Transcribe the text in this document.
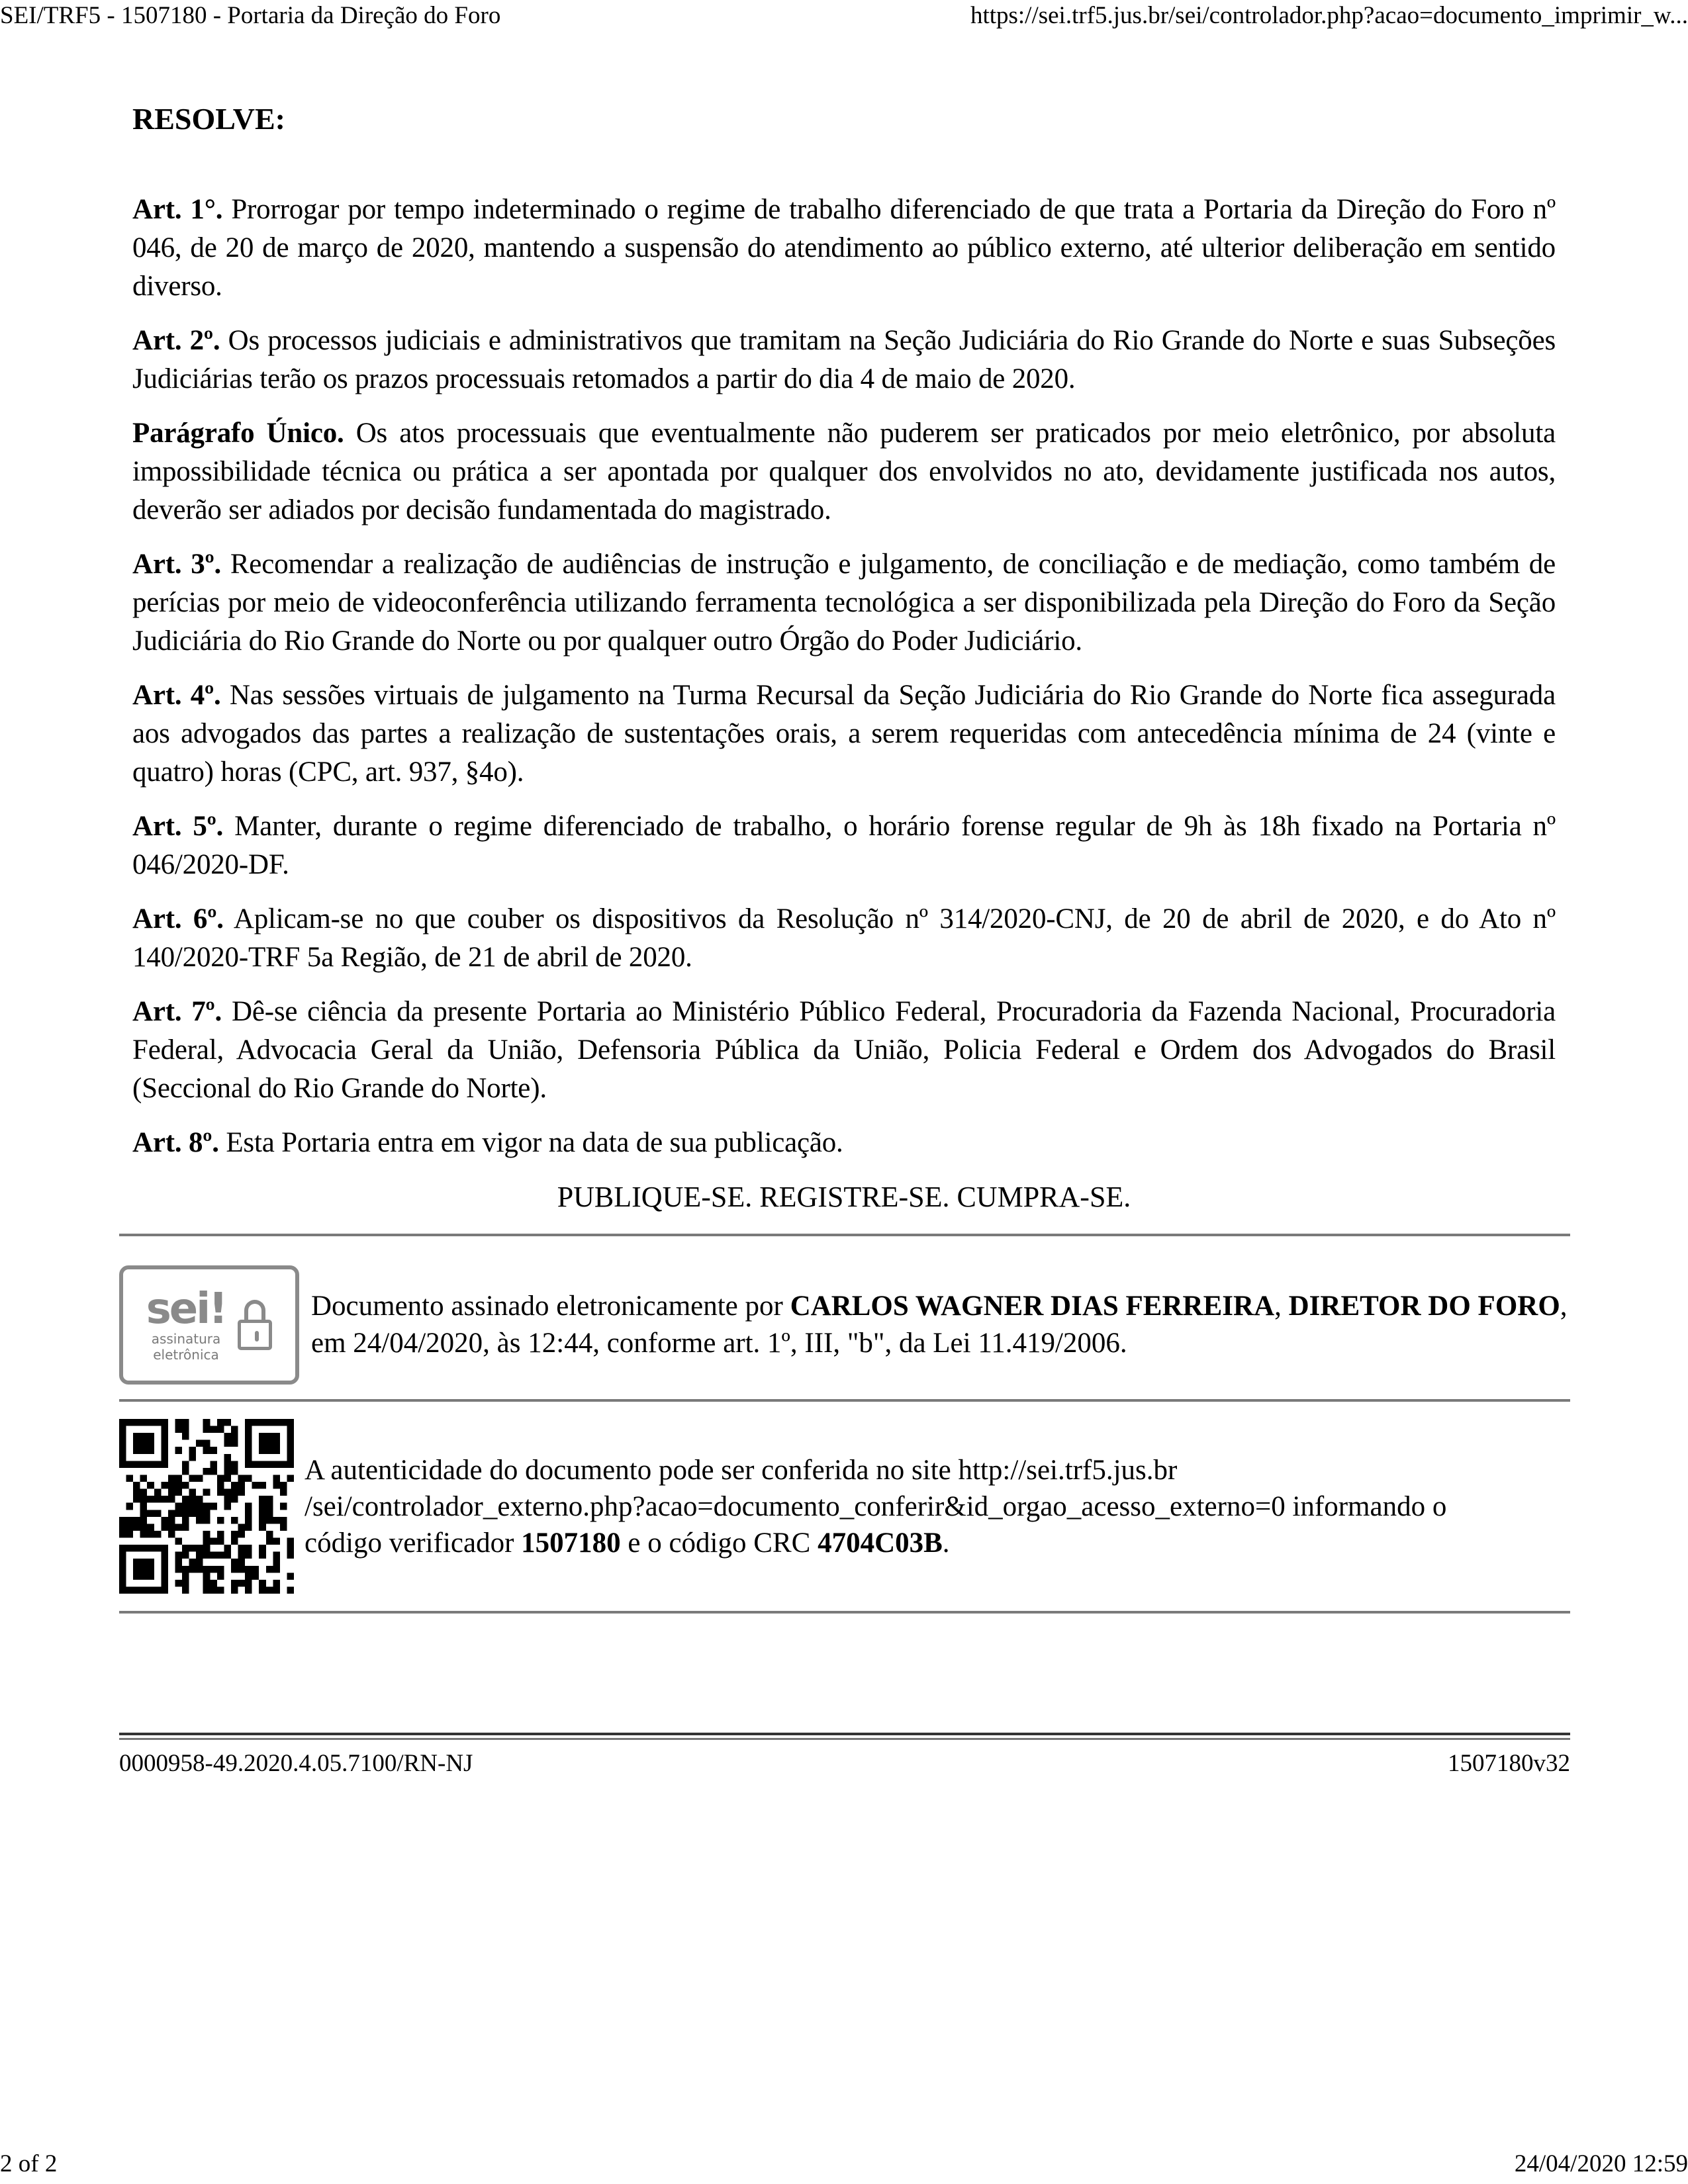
SEI/TRF5 - 1507180 - Portaria da Direção do Foro	https://sei.trf5.jus.br/sei/controlador.php?acao=documento_imprimir_w...
RESOLVE:

Art. 1°. Prorrogar por tempo indeterminado o regime de trabalho diferenciado de que trata a Portaria da Direção do Foro nº 046, de 20 de março de 2020, mantendo a suspensão do atendimento ao público externo, até ulterior deliberação em sentido diverso.

Art. 2º. Os processos judiciais e administrativos que tramitam na Seção Judiciária do Rio Grande do Norte e suas Subseções Judiciárias terão os prazos processuais retomados a partir do dia 4 de maio de 2020.

Parágrafo Único. Os atos processuais que eventualmente não puderem ser praticados por meio eletrônico, por absoluta impossibilidade técnica ou prática a ser apontada por qualquer dos envolvidos no ato, devidamente justificada nos autos, deverão ser adiados por decisão fundamentada do magistrado.

Art. 3º. Recomendar a realização de audiências de instrução e julgamento, de conciliação e de mediação, como também de perícias por meio de videoconferência utilizando ferramenta tecnológica a ser disponibilizada pela Direção do Foro da Seção Judiciária do Rio Grande do Norte ou por qualquer outro Órgão do Poder Judiciário.

Art. 4º. Nas sessões virtuais de julgamento na Turma Recursal da Seção Judiciária do Rio Grande do Norte fica assegurada aos advogados das partes a realização de sustentações orais, a serem requeridas com antecedência mínima de 24 (vinte e quatro) horas (CPC, art. 937, §4o).

Art. 5º. Manter, durante o regime diferenciado de trabalho, o horário forense regular de 9h às 18h fixado na Portaria nº 046/2020-DF.

Art. 6º. Aplicam-se no que couber os dispositivos da Resolução nº 314/2020-CNJ, de 20 de abril de 2020, e do Ato nº 140/2020-TRF 5a Região, de 21 de abril de 2020.

Art. 7º. Dê-se ciência da presente Portaria ao Ministério Público Federal, Procuradoria da Fazenda Nacional, Procuradoria Federal, Advocacia Geral da União, Defensoria Pública da União, Policia Federal e Ordem dos Advogados do Brasil (Seccional do Rio Grande do Norte).

Art. 8º. Esta Portaria entra em vigor na data de sua publicação.

PUBLIQUE-SE. REGISTRE-SE. CUMPRA-SE.
sei!
assinatura
eletrônica
Documento assinado eletronicamente por CARLOS WAGNER DIAS FERREIRA, DIRETOR DO FORO, em 24/04/2020, às 12:44, conforme art. 1º, III, "b", da Lei 11.419/2006.
A autenticidade do documento pode ser conferida no site http://sei.trf5.jus.br
/sei/controlador_externo.php?acao=documento_conferir&id_orgao_acesso_externo=0 informando o
código verificador 1507180 e o código CRC 4704C03B.
0000958-49.2020.4.05.7100/RN-NJ	1507180v32
2 of 2	24/04/2020 12:59
